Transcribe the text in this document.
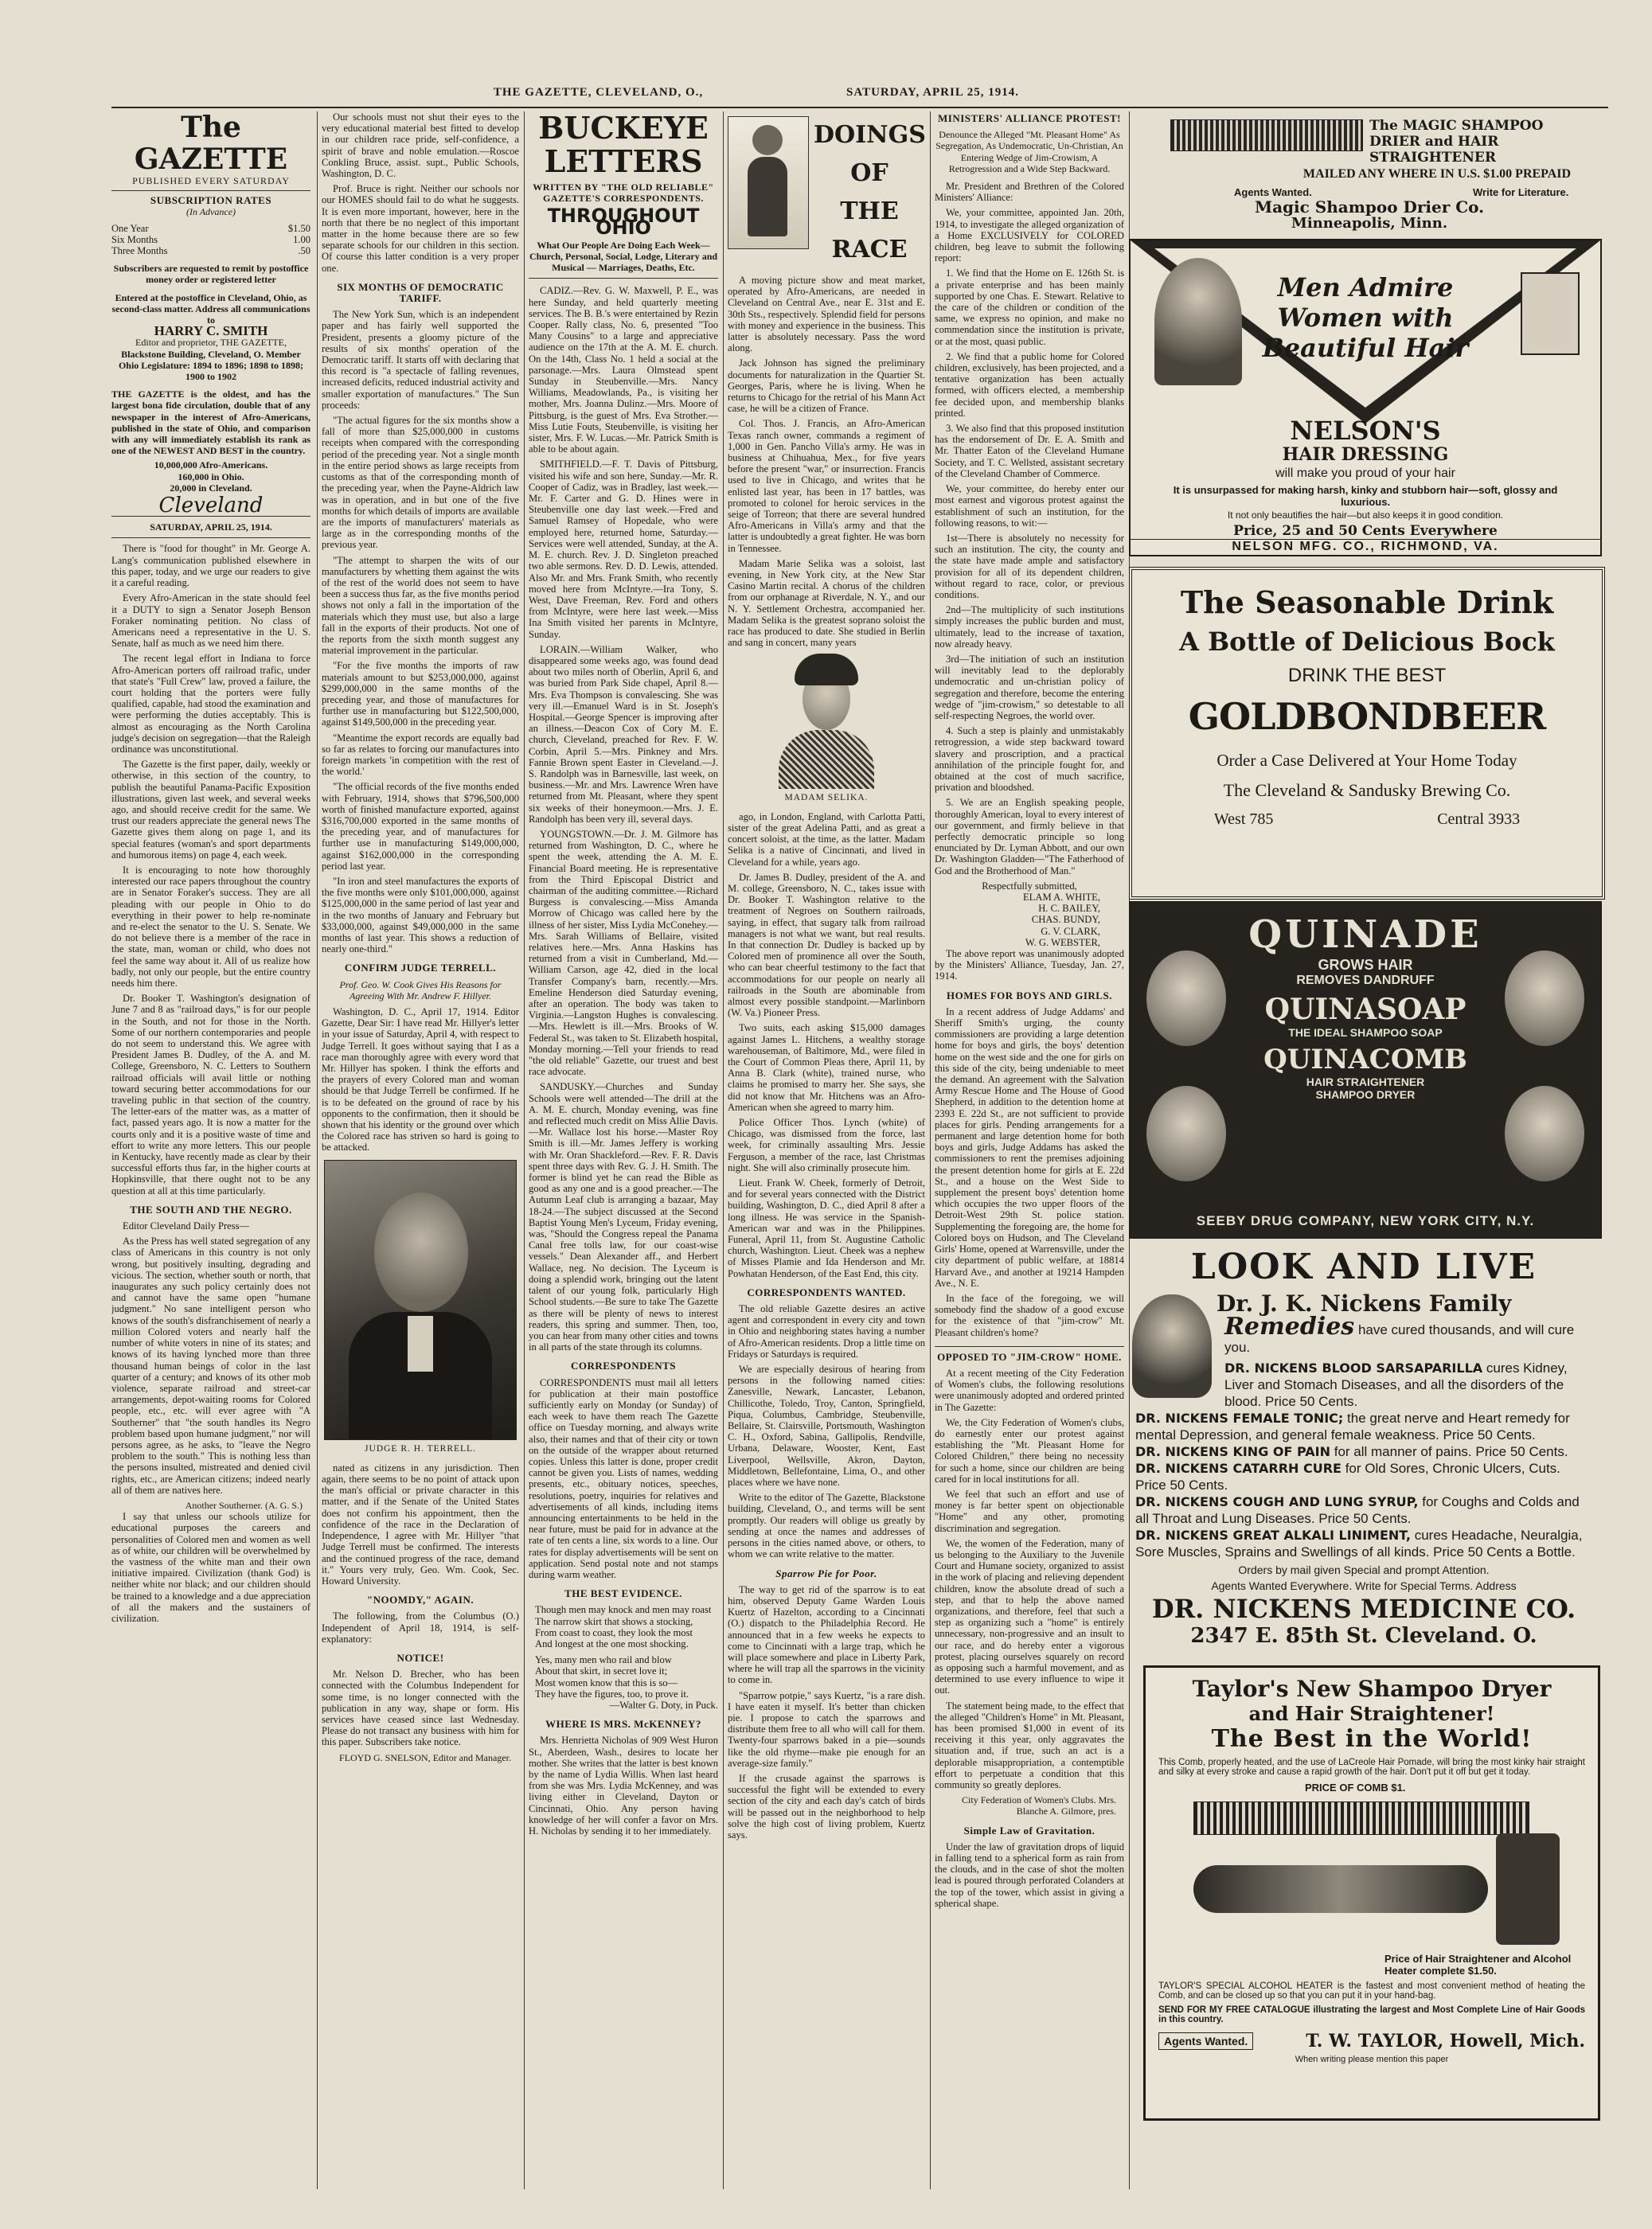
THE GAZETTE, CLEVELAND, O.,	SATURDAY, APRIL 25, 1914.
The GAZETTE
PUBLISHED EVERY SATURDAY
SUBSCRIPTION RATES
(In Advance)
One Year	$1.50
Six Months	1.00
Three Months	.50
Subscribers are requested to remit by postoffice money order or registered letter
Entered at the postoffice in Cleveland, Ohio, as second-class matter. Address all communications to
HARRY C. SMITH
Editor and proprietor, THE GAZETTE,
Blackstone Building, Cleveland, O. Member Ohio Legislature: 1894 to 1896; 1898 to 1898; 1900 to 1902
THE GAZETTE is the oldest, and has the largest bona fide circulation, double that of any newspaper in the interest of Afro-Americans, published in the state of Ohio, and comparison with any will immediately establish its rank as one of the NEWEST AND BEST in the country.
10,000,000 Afro-Americans.
160,000 in Ohio.
20,000 in Cleveland.
Cleveland
SATURDAY, APRIL 25, 1914.

There is "food for thought" in Mr. George A. Lang's communication published elsewhere in this paper, today, and we urge our readers to give it a careful reading.

Every Afro-American in the state should feel it a DUTY to sign a Senator Joseph Benson Foraker nominating petition. No class of Americans need a representative in the U. S. Senate, half as much as we need him there.

The recent legal effort in Indiana to force Afro-American porters off railroad trafic, under that state's "Full Crew" law, proved a failure, the court holding that the porters were fully qualified, capable, had stood the examination and were performing the duties acceptably. This is almost as encouraging as the North Carolina judge's decision on segregation—that the Raleigh ordinance was unconstitutional.

The Gazette is the first paper, daily, weekly or otherwise, in this section of the country, to publish the beautiful Panama-Pacific Exposition illustrations, given last week, and several weeks ago, and should receive credit for the same. We trust our readers appreciate the general news The Gazette gives them along on page 1, and its special features (woman's and sport departments and humorous items) on page 4, each week.

It is encouraging to note how thoroughly interested our race papers throughout the country are in Senator Foraker's success. They are all pleading with our people in Ohio to do everything in their power to help re-nominate and re-elect the senator to the U. S. Senate. We do not believe there is a member of the race in the state, man, woman or child, who does not feel the same way about it. All of us realize how badly, not only our people, but the entire country needs him there.

Dr. Booker T. Washington's designation of June 7 and 8 as "railroad days," is for our people in the South, and not for those in the North. Some of our northern contemporaries and people do not seem to understand this. We agree with President James B. Dudley, of the A. and M. College, Greensboro, N. C. Letters to Southern railroad officials will avail little or nothing toward securing better accommodations for our traveling public in that section of the country. The letter-ears of the matter was, as a matter of fact, passed years ago. It is now a matter for the courts only and it is a positive waste of time and effort to write any more letters. This our people in Kentucky, have recently made as clear by their successful efforts thus far, in the higher courts at Hopkinsville, that there ought not to be any question at all at this time particularly.

THE SOUTH AND THE NEGRO.

Editor Cleveland Daily Press—

As the Press has well stated segregation of any class of Americans in this country is not only wrong, but positively insulting, degrading and vicious. The section, whether south or north, that inaugurates any such policy certainly does not and cannot have the same open "humane judgment." No sane intelligent person who knows of the south's disfranchisement of nearly a million Colored voters and nearly half the number of white voters in nine of its states; and knows of its having lynched more than three thousand human beings of color in the last quarter of a century; and knows of its other mob violence, separate railroad and street-car arrangements, depot-waiting rooms for Colored people, etc., etc. will ever agree with "A Southerner" that "the south handles its Negro problem based upon humane judgment," nor will persons agree, as he asks, to "leave the Negro problem to the south." This is nothing less than the persons insulted, mistreated and denied civil rights, etc., are American citizens; indeed nearly all of them are natives here.

Another Southerner. (A. G. S.)

I say that unless our schools utilize for educational purposes the careers and personalities of Colored men and women as well as of white, our children will be overwhelmed by the vastness of the white man and their own initiative impaired. Civilization (thank God) is neither white nor black; and our children should be trained to a knowledge and a due appreciation of all the makers and the sustainers of civilization.

Our schools must not shut their eyes to the very educational material best fitted to develop in our children race pride, self-confidence, a spirit of brave and noble emulation.—Roscoe Conkling Bruce, assist. supt., Public Schools, Washington, D. C.

Prof. Bruce is right. Neither our schools nor our HOMES should fail to do what he suggests. It is even more important, however, here in the north that there be no neglect of this important matter in the home because there are so few separate schools for our children in this section. Of course this latter condition is a very proper one.

SIX MONTHS OF DEMOCRATIC TARIFF.

The New York Sun, which is an independent paper and has fairly well supported the President, presents a gloomy picture of the results of six months' operation of the Democratic tariff. It starts off with declaring that this record is "a spectacle of falling revenues, increased deficits, reduced industrial activity and smaller exportation of manufactures." The Sun proceeds:

"The actual figures for the six months show a fall of more than $25,000,000 in customs receipts when compared with the corresponding period of the preceding year. Not a single month in the entire period shows as large receipts from customs as that of the corresponding month of the preceding year, when the Payne-Aldrich law was in operation, and in but one of the five months for which details of imports are available are the imports of manufacturers' materials as large as in the corresponding months of the previous year.

"The attempt to sharpen the wits of our manufacturers by whetting them against the wits of the rest of the world does not seem to have been a success thus far, as the five months period shows not only a fall in the importation of the materials which they must use, but also a large fall in the exports of their products. Not one of the reports from the sixth month suggest any material improvement in the particular.

"For the five months the imports of raw materials amount to but $253,000,000, against $299,000,000 in the same months of the preceding year, and those of manufactures for further use in manufacturing but $122,500,000, against $149,500,000 in the preceding year.

"Meantime the export records are equally bad so far as relates to forcing our manufactures into foreign markets 'in competition with the rest of the world.'

"The official records of the five months ended with February, 1914, shows that $796,500,000 worth of finished manufacture exported, against $316,700,000 exported in the same months of the preceding year, and of manufactures for further use in manufacturing $149,000,000, against $162,000,000 in the corresponding period last year.

"In iron and steel manufactures the exports of the five months were only $101,000,000, against $125,000,000 in the same period of last year and in the two months of January and February but $33,000,000, against $49,000,000 in the same months of last year. This shows a reduction of nearly one-third."

CONFIRM JUDGE TERRELL.
Prof. Geo. W. Cook Gives His Reasons for Agreeing With Mr. Andrew F. Hillyer.

Washington, D. C., April 17, 1914. Editor Gazette, Dear Sir: I have read Mr. Hillyer's letter in your issue of Saturday, April 4, with respect to Judge Terrell. It goes without saying that I as a race man thoroughly agree with every word that Mr. Hillyer has spoken. I think the efforts and the prayers of every Colored man and woman should be that Judge Terrell be confirmed. If he is to be defeated on the ground of race by his opponents to the confirmation, then it should be shown that his identity or the ground over which the Colored race has striven so hard is going to be attacked.

JUDGE R. H. TERRELL.

nated as citizens in any jurisdiction. Then again, there seems to be no point of attack upon the man's official or private character in this matter, and if the Senate of the United States does not confirm his appointment, then the confidence of the race in the Declaration of Independence, I agree with Mr. Hillyer "that Judge Terrell must be confirmed. The interests and the continued progress of the race, demand it." Yours very truly, Geo. Wm. Cook, Sec. Howard University.

"NOOMDY," AGAIN.

The following, from the Columbus (O.) Independent of April 18, 1914, is self-explanatory:

NOTICE!

Mr. Nelson D. Brecher, who has been connected with the Columbus Independent for some time, is no longer connected with the publication in any way, shape or form. His services have ceased since last Wednesday. Please do not transact any business with him for this paper. Subscribers take notice.

FLOYD G. SNELSON, Editor and Manager.
BUCKEYE LETTERS
WRITTEN BY "THE OLD RELIABLE" GAZETTE'S CORRESPONDENTS.
THROUGHOUT OHIO
What Our People Are Doing Each Week—Church, Personal, Social, Lodge, Literary and Musical — Marriages, Deaths, Etc.

CADIZ.—Rev. G. W. Maxwell, P. E., was here Sunday, and held quarterly meeting services. The B. B.'s were entertained by Rezin Cooper. Rally class, No. 6, presented "Too Many Cousins" to a large and appreciative audience on the 17th at the A. M. E. church. On the 14th, Class No. 1 held a social at the parsonage.—Mrs. Laura Olmstead spent Sunday in Steubenville.—Mrs. Nancy Williams, Meadowlands, Pa., is visiting her mother, Mrs. Joanna Dulinz.—Mrs. Moore of Pittsburg, is the guest of Mrs. Eva Strother.—Miss Lutie Fouts, Steubenville, is visiting her sister, Mrs. F. W. Lucas.—Mr. Patrick Smith is able to be about again.

SMITHFIELD.—F. T. Davis of Pittsburg, visited his wife and son here, Sunday.—Mr. R. Cooper of Cadiz, was in Bradley, last week.—Mr. F. Carter and G. D. Hines were in Steubenville one day last week.—Fred and Samuel Ramsey of Hopedale, who were employed here, returned home, Saturday.—Services were well attended, Sunday, at the A. M. E. church. Rev. J. D. Singleton preached two able sermons. Rev. D. D. Lewis, attended. Also Mr. and Mrs. Frank Smith, who recently moved here from McIntyre.—Ira Tony, S. West, Dave Freeman, Rev. Ford and others from McIntyre, were here last week.—Miss Ina Smith visited her parents in McIntyre, Sunday.

LORAIN.—William Walker, who disappeared some weeks ago, was found dead about two miles north of Oberlin, April 6, and was buried from Park Side chapel, April 8.—Mrs. Eva Thompson is convalescing. She was very ill.—Emanuel Ward is in St. Joseph's Hospital.—George Spencer is improving after an illness.—Deacon Cox of Cory M. E. church, Cleveland, preached for Rev. F. W. Corbin, April 5.—Mrs. Pinkney and Mrs. Fannie Brown spent Easter in Cleveland.—J. S. Randolph was in Barnesville, last week, on business.—Mr. and Mrs. Lawrence Wren have returned from Mt. Pleasant, where they spent six weeks of their honeymoon.—Mrs. J. E. Randolph has been very ill, several days.

YOUNGSTOWN.—Dr. J. M. Gilmore has returned from Washington, D. C., where he spent the week, attending the A. M. E. Financial Board meeting. He is representative from the Third Episcopal District and chairman of the auditing committee.—Richard Burgess is convalescing.—Miss Amanda Morrow of Chicago was called here by the illness of her sister, Miss Lydia McConehey.—Mrs. Sarah Williams of Bellaire, visited relatives here.—Mrs. Anna Haskins has returned from a visit in Cumberland, Md.—William Carson, age 42, died in the local Transfer Company's barn, recently.—Mrs. Emeline Henderson died Saturday evening, after an operation. The body was taken to Virginia.—Langston Hughes is convalescing.—Mrs. Hewlett is ill.—Mrs. Brooks of W. Federal St., was taken to St. Elizabeth hospital, Monday morning.—Tell your friends to read "the old reliable" Gazette, our truest and best race advocate.

SANDUSKY.—Churches and Sunday Schools were well attended—The drill at the A. M. E. church, Monday evening, was fine and reflected much credit on Miss Allie Davis.—Mr. Wallace lost his horse.—Master Roy Smith is ill.—Mr. James Jeffery is working with Mr. Oran Shackleford.—Rev. F. R. Davis spent three days with Rev. G. J. H. Smith. The former is blind yet he can read the Bible as good as any one and is a good preacher.—The Autumn Leaf club is arranging a bazaar, May 18-24.—The subject discussed at the Second Baptist Young Men's Lyceum, Friday evening, was, "Should the Congress repeal the Panama Canal free tolls law, for our coast-wise vessels." Dean Alexander aff., and Herbert Wallace, neg. No decision. The Lyceum is doing a splendid work, bringing out the latent talent of our young folk, particularly High School students.—Be sure to take The Gazette as there will be plenty of news to interest readers, this spring and summer. Then, too, you can hear from many other cities and towns in all parts of the state through its columns.

CORRESPONDENTS

CORRESPONDENTS must mail all letters for publication at their main postoffice sufficiently early on Monday (or Sunday) of each week to have them reach The Gazette office on Tuesday morning, and always write also, their names and that of their city or town on the outside of the wrapper about returned copies. Unless this latter is done, proper credit cannot be given you. Lists of names, wedding presents, etc., obituary notices, speeches, resolutions, poetry, inquiries for relatives and advertisements of all kinds, including items announcing entertainments to be held in the near future, must be paid for in advance at the rate of ten cents a line, six words to a line. Our rates for display advertisements will be sent on application. Send postal note and not stamps during warm weather.

THE BEST EVIDENCE.
Though men may knock and men may roast
The narrow skirt that shows a stocking,
From coast to coast, they look the most
And longest at the one most shocking.
Yes, many men who rail and blow
About that skirt, in secret love it;
Most women know that this is so—
They have the figures, too, to prove it.
—Walter G. Doty, in Puck.
WHERE IS MRS. McKENNEY?

Mrs. Henrietta Nicholas of 909 West Huron St., Aberdeen, Wash., desires to locate her mother. She writes that the latter is best known by the name of Lydia Willis. When last heard from she was Mrs. Lydia McKenney, and was living either in Cleveland, Dayton or Cincinnati, Ohio. Any person having knowledge of her will confer a favor on Mrs. H. Nicholas by sending it to her immediately.

DOINGS
OF
THE
RACE

A moving picture show and meat market, operated by Afro-Americans, are needed in Cleveland on Central Ave., near E. 31st and E. 30th Sts., respectively. Splendid field for persons with money and experience in the business. This latter is absolutely necessary. Pass the word along.

Jack Johnson has signed the preliminary documents for naturalization in the Quartier St. Georges, Paris, where he is living. When he returns to Chicago for the retrial of his Mann Act case, he will be a citizen of France.

Col. Thos. J. Francis, an Afro-American Texas ranch owner, commands a regiment of 1,000 in Gen. Pancho Villa's army. He was in business at Chihuahua, Mex., for five years before the present "war," or insurrection. Francis used to live in Chicago, and writes that he enlisted last year, has been in 17 battles, was promoted to colonel for heroic services in the seige of Torreon; that there are several hundred Afro-Americans in Villa's army and that the latter is undoubtedly a great fighter. He was born in Tennessee.

Madam Marie Selika was a soloist, last evening, in New York city, at the New Star Casino Martin recital. A chorus of the children from our orphanage at Riverdale, N. Y., and our N. Y. Settlement Orchestra, accompanied her. Madam Selika is the greatest soprano soloist the race has produced to date. She studied in Berlin and sang in concert, many years

MADAM SELIKA.

ago, in London, England, with Carlotta Patti, sister of the great Adelina Patti, and as great a concert soloist, at the time, as the latter. Madam Selika is a native of Cincinnati, and lived in Cleveland for a while, years ago.

Dr. James B. Dudley, president of the A. and M. college, Greensboro, N. C., takes issue with Dr. Booker T. Washington relative to the treatment of Negroes on Southern railroads, saying, in effect, that sugary talk from railroad managers is not what we want, but real results. In that connection Dr. Dudley is backed up by Colored men of prominence all over the South, who can bear cheerful testimony to the fact that accommodations for our people on nearly all railroads in the South are abominable from almost every possible standpoint.—Marlinborn (W. Va.) Pioneer Press.

Two suits, each asking $15,000 damages against James L. Hitchens, a wealthy storage warehouseman, of Baltimore, Md., were filed in the Court of Common Pleas there, April 11, by Anna B. Clark (white), trained nurse, who claims he promised to marry her. She says, she did not know that Mr. Hitchens was an Afro-American when she agreed to marry him.

Police Officer Thos. Lynch (white) of Chicago, was dismissed from the force, last week, for criminally assaulting Mrs. Jessie Ferguson, a member of the race, last Christmas night. She will also criminally prosecute him.

Lieut. Frank W. Cheek, formerly of Detroit, and for several years connected with the District building, Washington, D. C., died April 8 after a long illness. He was service in the Spanish-American war and was in the Philippines. Funeral, April 11, from St. Augustine Catholic church, Washington. Lieut. Cheek was a nephew of Misses Plamie and Ida Henderson and Mr. Powhatan Henderson, of the East End, this city.

CORRESPONDENTS WANTED.

The old reliable Gazette desires an active agent and correspondent in every city and town in Ohio and neighboring states having a number of Afro-American residents. Drop a little time on Fridays or Saturdays is required.

We are especially desirous of hearing from persons in the following named cities: Zanesville, Newark, Lancaster, Lebanon, Chillicothe, Toledo, Troy, Canton, Springfield, Piqua, Columbus, Cambridge, Steubenville, Bellaire, St. Clairsville, Portsmouth, Washington C. H., Oxford, Sabina, Gallipolis, Rendville, Urbana, Delaware, Wooster, Kent, East Liverpool, Wellsville, Akron, Dayton, Middletown, Bellefontaine, Lima, O., and other places where we have none.

Write to the editor of The Gazette, Blackstone building, Cleveland, O., and terms will be sent promptly. Our readers will oblige us greatly by sending at once the names and addresses of persons in the cities named above, or others, to whom we can write relative to the matter.

Sparrow Pie for Poor.

The way to get rid of the sparrow is to eat him, observed Deputy Game Warden Louis Kuertz of Hazelton, according to a Cincinnati (O.) dispatch to the Philadelphia Record. He announced that in a few weeks he expects to come to Cincinnati with a large trap, which he will place somewhere and place in Liberty Park, where he will trap all the sparrows in the vicinity to come in.

"Sparrow potpie," says Kuertz, "is a rare dish. I have eaten it myself. It's better than chicken pie. I propose to catch the sparrows and distribute them free to all who will call for them. Twenty-four sparrows baked in a pie—sounds like the old rhyme—make pie enough for an average-size family."

If the crusade against the sparrows is successful the fight will be extended to every section of the city and each day's catch of birds will be passed out in the neighborhood to help solve the high cost of living problem, Kuertz says.

MINISTERS' ALLIANCE PROTEST!
Denounce the Alleged "Mt. Pleasant Home" As Segregation, As Undemocratic, Un-Christian, An Entering Wedge of Jim-Crowism, A Retrogression and a Wide Step Backward.

Mr. President and Brethren of the Colored Ministers' Alliance:

We, your committee, appointed Jan. 20th, 1914, to investigate the alleged organization of a Home EXCLUSIVELY for COLORED children, beg leave to submit the following report:

1. We find that the Home on E. 126th St. is a private enterprise and has been mainly supported by one Chas. E. Stewart. Relative to the care of the children or condition of the same, we express no opinion, and make no commendation since the institution is private, or at the most, quasi public.

2. We find that a public home for Colored children, exclusively, has been projected, and a tentative organization has been actually formed, with officers elected, a membership fee decided upon, and membership blanks printed.

3. We also find that this proposed institution has the endorsement of Dr. E. A. Smith and Mr. Thatter Eaton of the Cleveland Humane Society, and T. C. Wellsted, assistant secretary of the Cleveland Chamber of Commerce.

We, your committee, do hereby enter our most earnest and vigorous protest against the establishment of such an institution, for the following reasons, to wit:—

1st—There is absolutely no necessity for such an institution. The city, the county and the state have made ample and satisfactory provision for all of its dependent children, without regard to race, color, or previous conditions.

2nd—The multiplicity of such institutions simply increases the public burden and must, ultimately, lead to the increase of taxation, now already heavy.

3rd—The initiation of such an institution will inevitably lead to the deplorably undemocratic and un-christian policy of segregation and therefore, become the entering wedge of "jim-crowism," so detestable to all self-respecting Negroes, the world over.

4. Such a step is plainly and unmistakably retrogression, a wide step backward toward slavery and proscription, and a practical annihilation of the principle fought for, and obtained at the cost of much sacrifice, privation and bloodshed.

5. We are an English speaking people, thoroughly American, loyal to every interest of our government, and firmly believe in that perfectly democratic principle so long enunciated by Dr. Lyman Abbott, and our own Dr. Washington Gladden—"The Fatherhood of God and the Brotherhood of Man."

Respectfully submitted,
ELAM A. WHITE,
H. C. BAILEY,
CHAS. BUNDY,
G. V. CLARK,
W. G. WEBSTER,

The above report was unanimously adopted by the Ministers' Alliance, Tuesday, Jan. 27, 1914.

HOMES FOR BOYS AND GIRLS.

In a recent address of Judge Addams' and Sheriff Smith's urging, the county commissioners are providing a large detention home for boys and girls, the boys' detention home on the west side and the one for girls on this side of the city, being undeniable to meet the demand. An agreement with the Salvation Army Rescue Home and The House of Good Shepherd, in addition to the detention home at 2393 E. 22d St., are not sufficient to provide places for girls. Pending arrangements for a permanent and large detention home for both boys and girls, Judge Addams has asked the commissioners to rent the premises adjoining the present detention home for girls at E. 22d St., and a house on the West Side to supplement the present boys' detention home which occupies the two upper floors of the Detroit-West 29th St. police station. Supplementing the foregoing are, the home for Colored boys on Hudson, and The Cleveland Girls' Home, opened at Warrensville, under the city department of public welfare, at 18814 Harvard Ave., and another at 19214 Hampden Ave., N. E.

In the face of the foregoing, we will somebody find the shadow of a good excuse for the existence of that "jim-crow" Mt. Pleasant children's home?

OPPOSED TO "JIM-CROW" HOME.

At a recent meeting of the City Federation of Women's clubs, the following resolutions were unanimously adopted and ordered printed in The Gazette:

We, the City Federation of Women's clubs, do earnestly enter our protest against establishing the "Mt. Pleasant Home for Colored Children," there being no necessity for such a home, since our children are being cared for in local institutions for all.

We feel that such an effort and use of money is far better spent on objectionable "Home" and any other, promoting discrimination and segregation.

We, the women of the Federation, many of us belonging to the Auxiliary to the Juvenile Court and Humane society, organized to assist in the work of placing and relieving dependent children, know the absolute dread of such a step, and that to help the above named organizations, and therefore, feel that such a step as organizing such a "home" is entirely unnecessary, non-progressive and an insult to our race, and do hereby enter a vigorous protest, placing ourselves squarely on record as opposing such a harmful movement, and as determined to use every influence to wipe it out.

The statement being made, to the effect that the alleged "Children's Home" in Mt. Pleasant, has been promised $1,000 in event of its receiving it this year, only aggravates the situation and, if true, such an act is a deplorable misappropriation, a contemptible effort to perpetuate a condition that this community so greatly deplores.

City Federation of Women's Clubs. Mrs. Blanche A. Gilmore, pres.
Simple Law of Gravitation.

Under the law of gravitation drops of liquid in falling tend to a spherical form as rain from the clouds, and in the case of shot the molten lead is poured through perforated Colanders at the top of the tower, which assist in giving a spherical shape.

The MAGIC SHAMPOO DRIER and HAIR STRAIGHTENER
MAILED ANY WHERE IN U.S. $1.00 PREPAID
Agents Wanted.	Write for Literature.
Magic Shampoo Drier Co.
Minneapolis, Minn.
Men Admire Women with Beautiful Hair
NELSON'S
HAIR DRESSING
will make you proud of your hair
It is unsurpassed for making harsh, kinky and stubborn hair—soft, glossy and luxurious.
It not only beautifies the hair—but also keeps it in good condition.
Price, 25 and 50 Cents Everywhere
NELSON MFG. CO., RICHMOND, VA.
The Seasonable Drink
A Bottle of Delicious Bock
DRINK THE BEST
GOLDBONDBEER
Order a Case Delivered at Your Home Today
The Cleveland & Sandusky Brewing Co.
West 785	Central 3933
QUINADE
GROWS HAIR
REMOVES DANDRUFF
QUINASOAP
THE IDEAL SHAMPOO SOAP
QUINACOMB
HAIR STRAIGHTENER
SHAMPOO DRYER
SEEBY DRUG COMPANY, NEW YORK CITY, N.Y.
LOOK AND LIVE
Dr. J. K. Nickens Family
Remedies have cured thousands, and will cure you.
DR. NICKENS BLOOD SARSAPARILLA cures Kidney, Liver and Stomach Diseases, and all the disorders of the blood. Price 50 Cents.
DR. NICKENS FEMALE TONIC; the great nerve and Heart remedy for mental Depression, and general female weakness. Price 50 Cents.
DR. NICKENS KING OF PAIN for all manner of pains. Price 50 Cents.
DR. NICKENS CATARRH CURE for Old Sores, Chronic Ulcers, Cuts. Price 50 Cents.
DR. NICKENS COUGH AND LUNG SYRUP, for Coughs and Colds and all Throat and Lung Diseases. Price 50 Cents.
DR. NICKENS GREAT ALKALI LINIMENT, cures Headache, Neuralgia, Sore Muscles, Sprains and Swellings of all kinds. Price 50 Cents a Bottle.
Orders by mail given Special and prompt Attention.
Agents Wanted Everywhere. Write for Special Terms. Address
DR. NICKENS MEDICINE CO.
2347 E. 85th St. Cleveland. O.
Taylor's New Shampoo Dryer
and Hair Straightener!
The Best in the World!
This Comb, properly heated, and the use of LaCreole Hair Pomade, will bring the most kinky hair straight and silky at every stroke and cause a rapid growth of the hair. Don't put it off but get it today.
PRICE OF COMB $1.
Price of Hair Straightener and Alcohol Heater complete $1.50.
TAYLOR'S SPECIAL ALCOHOL HEATER is the fastest and most convenient method of heating the Comb, and can be closed up so that you can put it in your hand-bag.
SEND FOR MY FREE CATALOGUE illustrating the largest and Most Complete Line of Hair Goods in this country.
Agents Wanted.	T. W. TAYLOR, Howell, Mich.
When writing please mention this paper
